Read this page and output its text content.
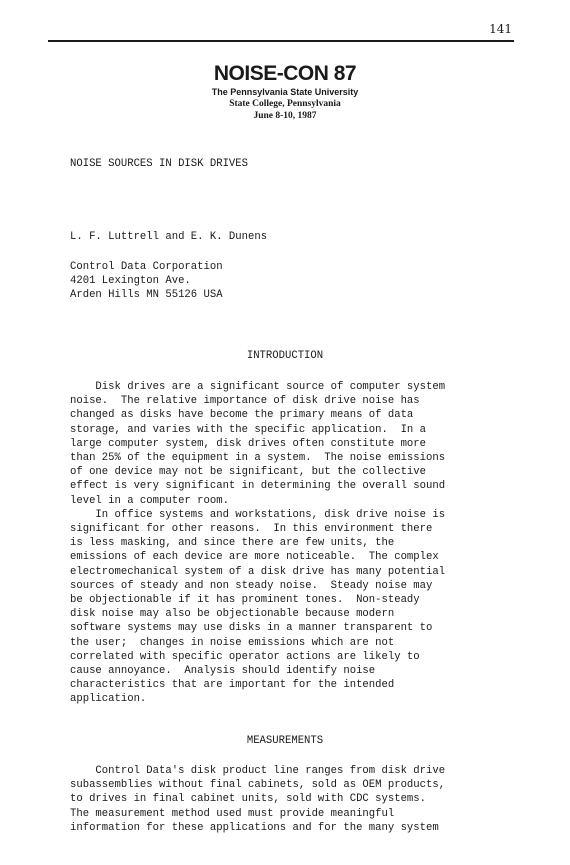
141
NOISE-CON 87
The Pennsylvania State University
State College, Pennsylvania
June 8-10, 1987
NOISE SOURCES IN DISK DRIVES
L. F. Luttrell and E. K. Dunens
Control Data Corporation
4201 Lexington Ave.
Arden Hills MN 55126 USA
INTRODUCTION
Disk drives are a significant source of computer system
noise.  The relative importance of disk drive noise has
changed as disks have become the primary means of data
storage, and varies with the specific application.  In a
large computer system, disk drives often constitute more
than 25% of the equipment in a system.  The noise emissions
of one device may not be significant, but the collective
effect is very significant in determining the overall sound
level in a computer room.
In office systems and workstations, disk drive noise is
significant for other reasons.  In this environment there
is less masking, and since there are few units, the
emissions of each device are more noticeable.  The complex
electromechanical system of a disk drive has many potential
sources of steady and non steady noise.  Steady noise may
be objectionable if it has prominent tones.  Non-steady
disk noise may also be objectionable because modern
software systems may use disks in a manner transparent to
the user;  changes in noise emissions which are not
correlated with specific operator actions are likely to
cause annoyance.  Analysis should identify noise
characteristics that are important for the intended
application.
MEASUREMENTS
Control Data's disk product line ranges from disk drive
subassemblies without final cabinets, sold as OEM products,
to drives in final cabinet units, sold with CDC systems.
The measurement method used must provide meaningful
information for these applications and for the many system
